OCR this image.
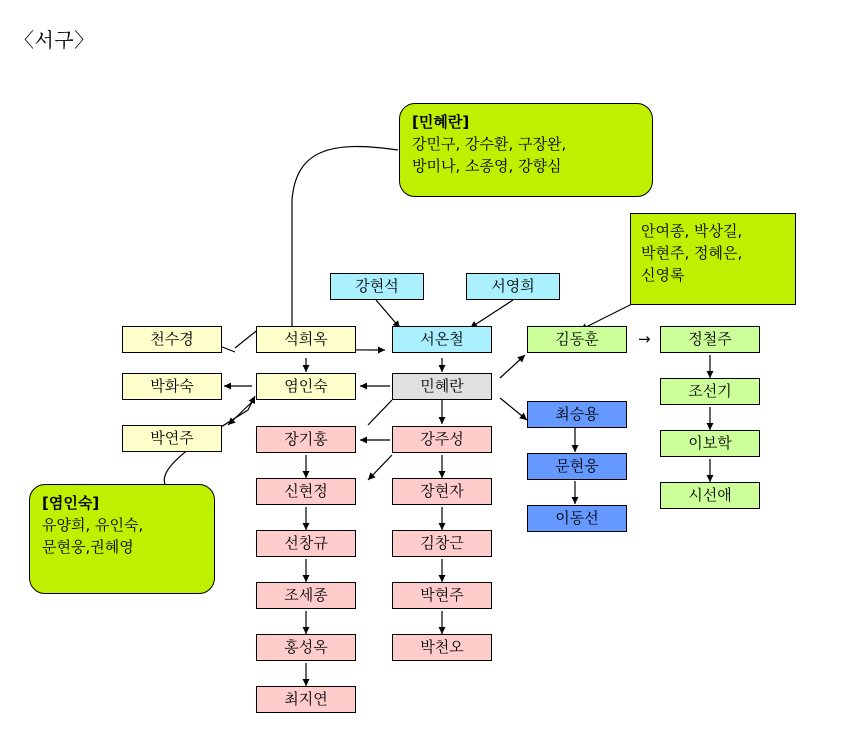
〈서구〉
[민혜란]
강민구, 강수환, 구장완,
방미나, 소종영, 강향심
[염인숙]
유양희, 유인숙,
문현웅,권혜영
안여종, 박상길,
박현주, 정혜은,
신영록
강현석	서영희
천수경
박화숙
박연주
석희옥
염인숙
장기홍
신현정
선창규
조세종
홍성옥
최지연
서온철
민혜란
강주성
장현자
김창근
박현주
박천오
김동훈
최승용
문현웅
이동선
→	정철주
조선기
이보학
시선애
